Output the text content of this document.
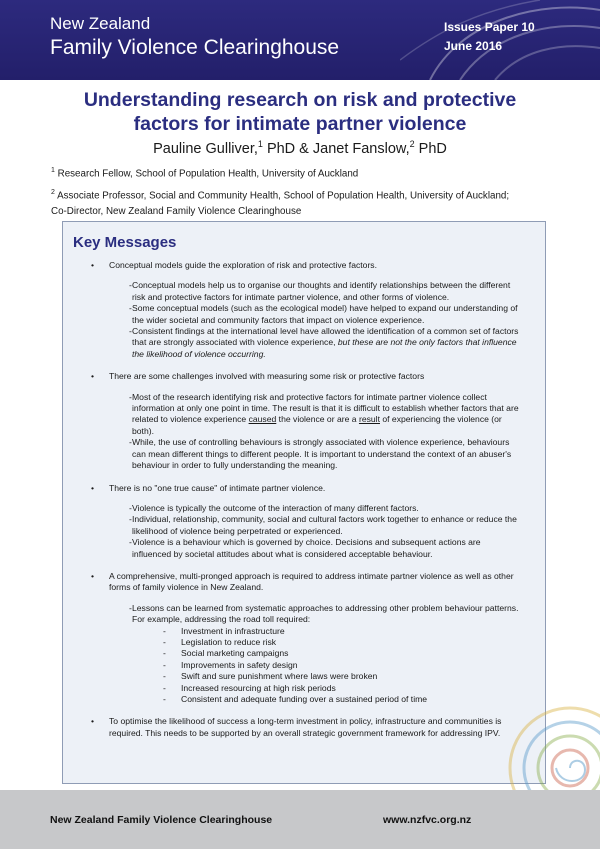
New Zealand
Family Violence Clearinghouse
Issues Paper 10
June 2016
Understanding research on risk and protective
factors for intimate partner violence
Pauline Gulliver,$^1$ PhD & Janet Fanslow,$^2$ PhD
$^1$ Research Fellow, School of Population Health, University of Auckland
$^2$ Associate Professor, Social and Community Health, School of Population Health, University of Auckland;
Co-Director, New Zealand Family Violence Clearinghouse
Key Messages
• Conceptual models guide the exploration of risk and protective factors.
- Conceptual models help us to organise our thoughts and identify relationships between the different risk and protective factors for intimate partner violence, and other forms of violence.
- Some conceptual models (such as the ecological model) have helped to expand our understanding of the wider societal and community factors that impact on violence experience.
- Consistent findings at the international level have allowed the identification of a common set of factors that are strongly associated with violence experience, but these are not the only factors that influence the likelihood of violence occurring.
• There are some challenges involved with measuring some risk or protective factors
- Most of the research identifying risk and protective factors for intimate partner violence collect information at only one point in time. The result is that it is difficult to establish whether factors that are related to violence experience caused the violence or are a result of experiencing the violence (or both).
- While, the use of controlling behaviours is strongly associated with violence experience, behaviours can mean different things to different people. It is important to understand the context of an abuser's behaviour in order to fully understanding the meaning.
• There is no "one true cause" of intimate partner violence.
- Violence is typically the outcome of the interaction of many different factors.
- Individual, relationship, community, social and cultural factors work together to enhance or reduce the likelihood of violence being perpetrated or experienced.
- Violence is a behaviour which is governed by choice. Decisions and subsequent actions are influenced by societal attitudes about what is considered acceptable behaviour.
• A comprehensive, multi-pronged approach is required to address intimate partner violence as well as other forms of family violence in New Zealand.
- Lessons can be learned from systematic approaches to addressing other problem behaviour patterns. For example, addressing the road toll required:
- Investment in infrastructure
- Legislation to reduce risk
- Social marketing campaigns
- Improvements in safety design
- Swift and sure punishment where laws were broken
- Increased resourcing at high risk periods
- Consistent and adequate funding over a sustained period of time
• To optimise the likelihood of success a long-term investment in policy, infrastructure and communities is required. This needs to be supported by an overall strategic government framework for addressing IPV.
New Zealand Family Violence Clearinghouse	www.nzfvc.org.nz
